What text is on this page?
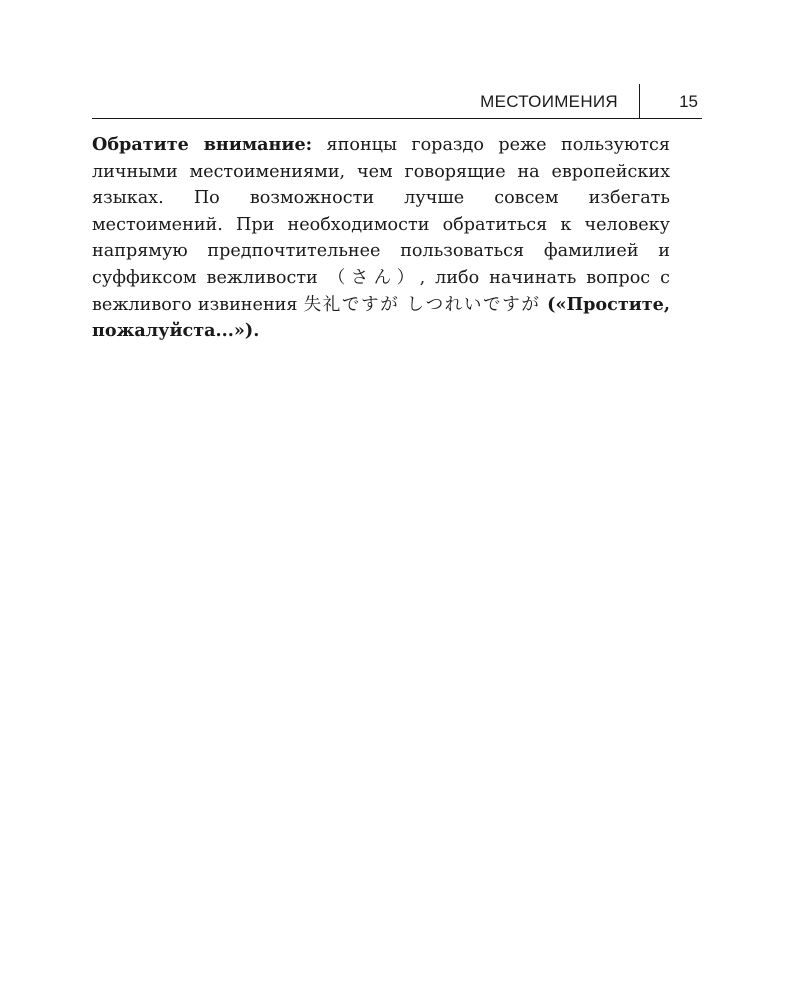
МЕСТОИМЕНИЯ	15

Обратите внимание: японцы гораздо реже пользуются личными местоимениями, чем говорящие на европейских языках. По возможности лучше совсем избегать местоимений. При необходимости обратиться к человеку напрямую предпочтительнее пользоваться фамилией и суффиксом вежливости （さん）, либо начинать вопрос с вежливого извинения 失礼ですが しつれいですが («Простите, пожалуйста...»).
